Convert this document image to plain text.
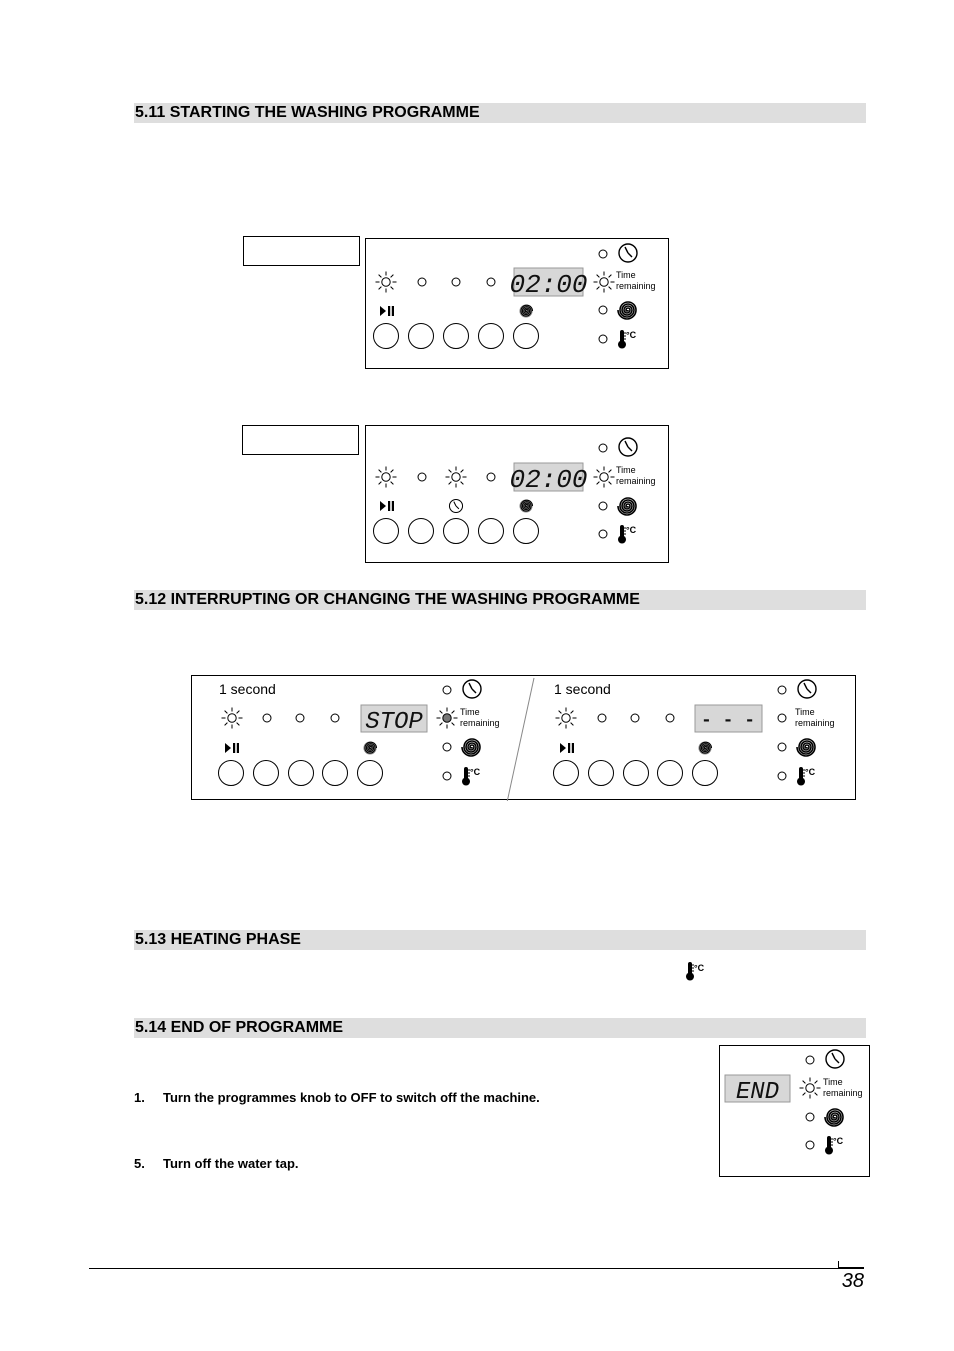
5.11 STARTING THE WASHING PROGRAMME
02:00	Time
remaining
°C
02:00	Time
remaining
°C
5.12 INTERRUPTING OR CHANGING THE WASHING PROGRAMME
1 second
STOP	Time
remaining
°C
1 second
- - -	Time
remaining
°C
5.13 HEATING PHASE
°C
5.14 END OF PROGRAMME
1. Turn the programmes knob to OFF to switch off the machine.
5. Turn off the water tap.
END	Time
remaining
°C
38
